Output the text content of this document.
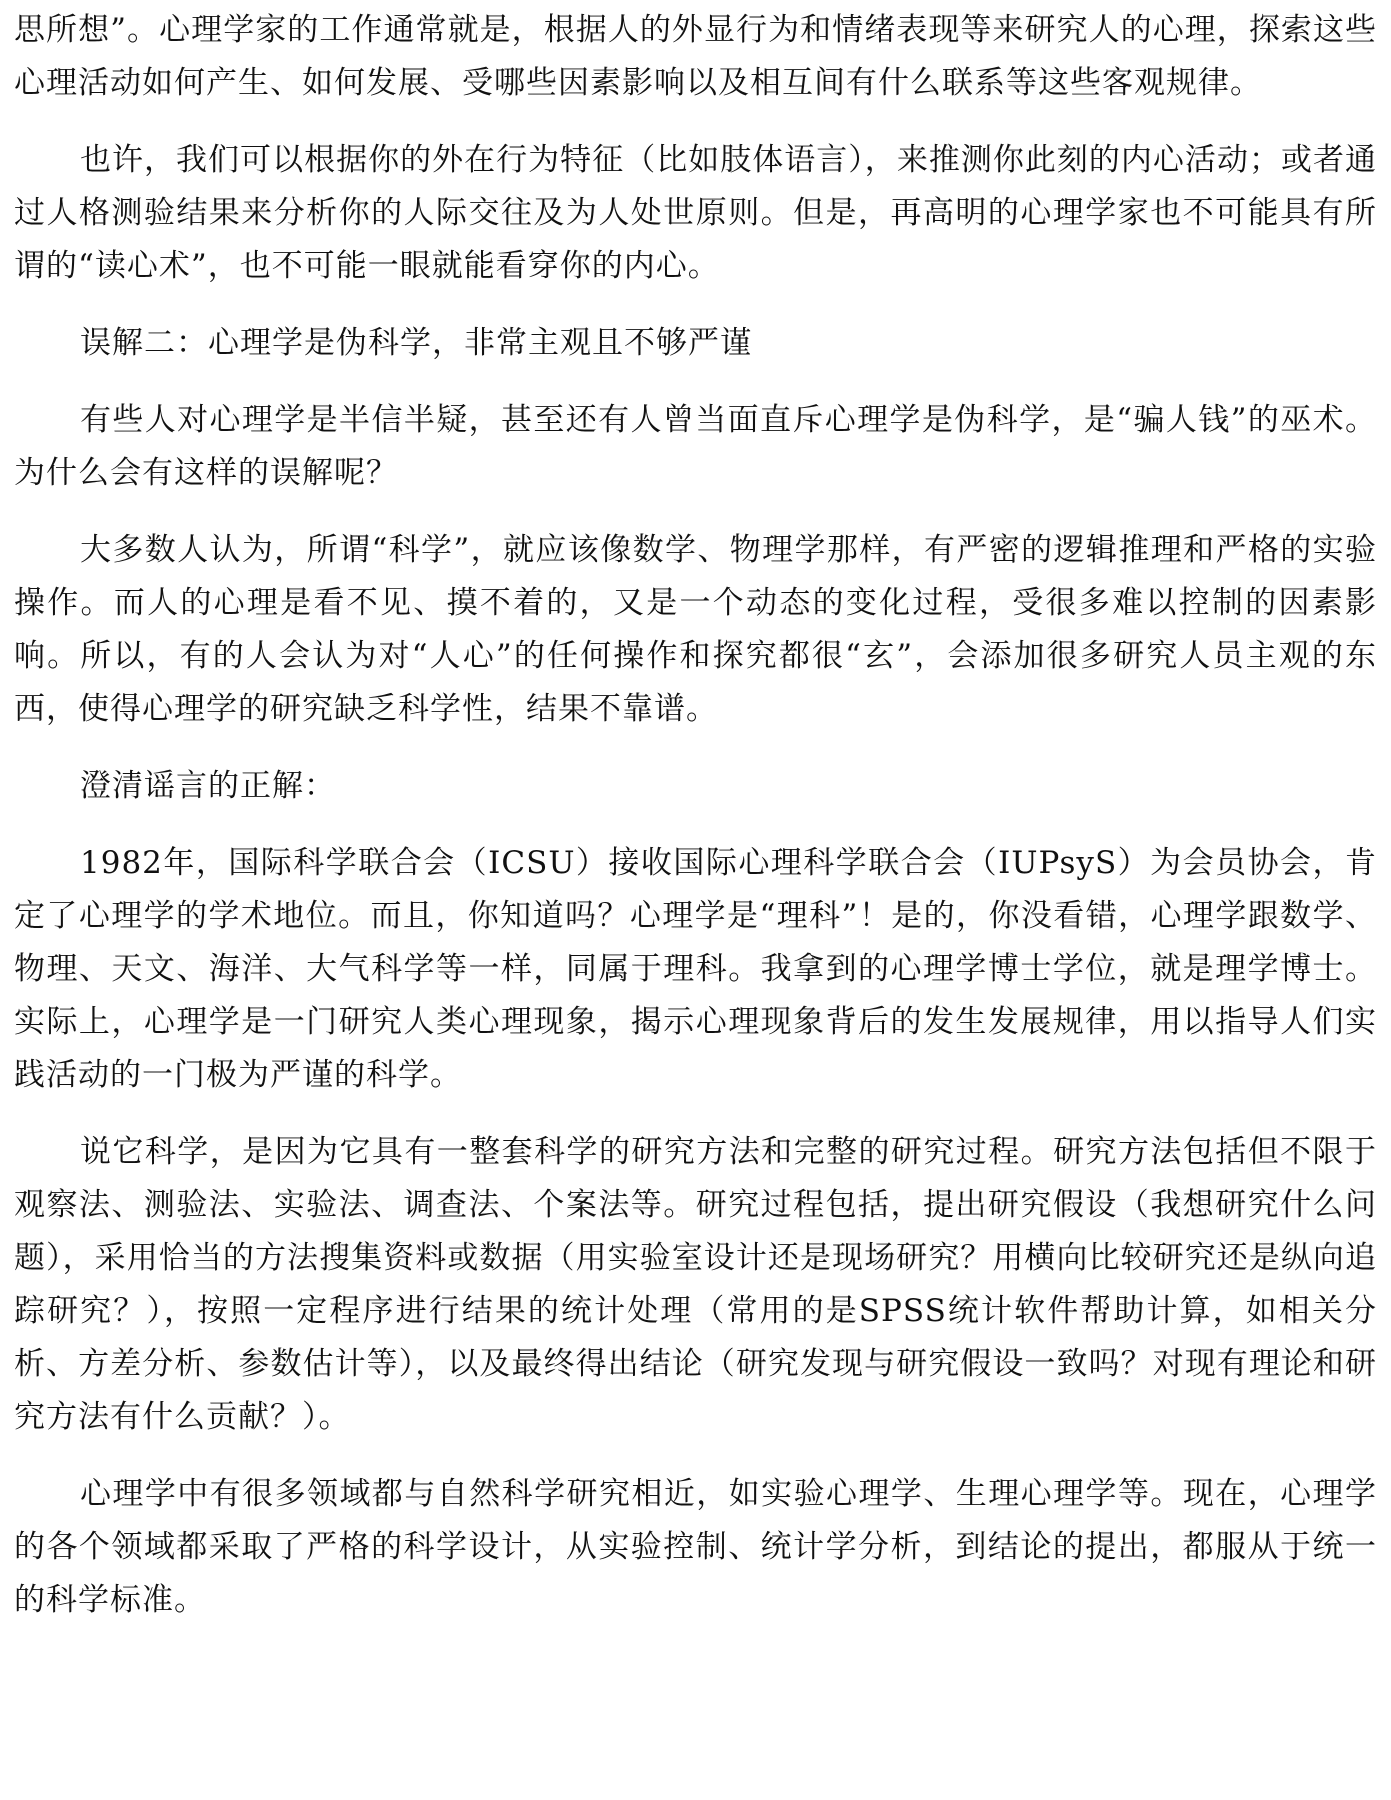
思所想”。心理学家的工作通常就是，根据人的外显行为和情绪表现等来研究人的心理，探索这些心理活动如何产生、如何发展、受哪些因素影响以及相互间有什么联系等这些客观规律。

也许，我们可以根据你的外在行为特征（比如肢体语言），来推测你此刻的内心活动；或者通过人格测验结果来分析你的人际交往及为人处世原则。但是，再高明的心理学家也不可能具有所谓的“读心术”，也不可能一眼就能看穿你的内心。

误解二：心理学是伪科学，非常主观且不够严谨

有些人对心理学是半信半疑，甚至还有人曾当面直斥心理学是伪科学，是“骗人钱”的巫术。为什么会有这样的误解呢？

大多数人认为，所谓“科学”，就应该像数学、物理学那样，有严密的逻辑推理和严格的实验操作。而人的心理是看不见、摸不着的，又是一个动态的变化过程，受很多难以控制的因素影响。所以，有的人会认为对“人心”的任何操作和探究都很“玄”，会添加很多研究人员主观的东西，使得心理学的研究缺乏科学性，结果不靠谱。

澄清谣言的正解：

1982年，国际科学联合会（ICSU）接收国际心理科学联合会（IUPsyS）为会员协会，肯定了心理学的学术地位。而且，你知道吗？心理学是“理科”！是的，你没看错，心理学跟数学、物理、天文、海洋、大气科学等一样，同属于理科。我拿到的心理学博士学位，就是理学博士。实际上，心理学是一门研究人类心理现象，揭示心理现象背后的发生发展规律，用以指导人们实践活动的一门极为严谨的科学。

说它科学，是因为它具有一整套科学的研究方法和完整的研究过程。研究方法包括但不限于观察法、测验法、实验法、调查法、个案法等。研究过程包括，提出研究假设（我想研究什么问题），采用恰当的方法搜集资料或数据（用实验室设计还是现场研究？用横向比较研究还是纵向追踪研究？），按照一定程序进行结果的统计处理（常用的是SPSS统计软件帮助计算，如相关分析、方差分析、参数估计等），以及最终得出结论（研究发现与研究假设一致吗？对现有理论和研究方法有什么贡献？）。

心理学中有很多领域都与自然科学研究相近，如实验心理学、生理心理学等。现在，心理学的各个领域都采取了严格的科学设计，从实验控制、统计学分析，到结论的提出，都服从于统一的科学标准。
